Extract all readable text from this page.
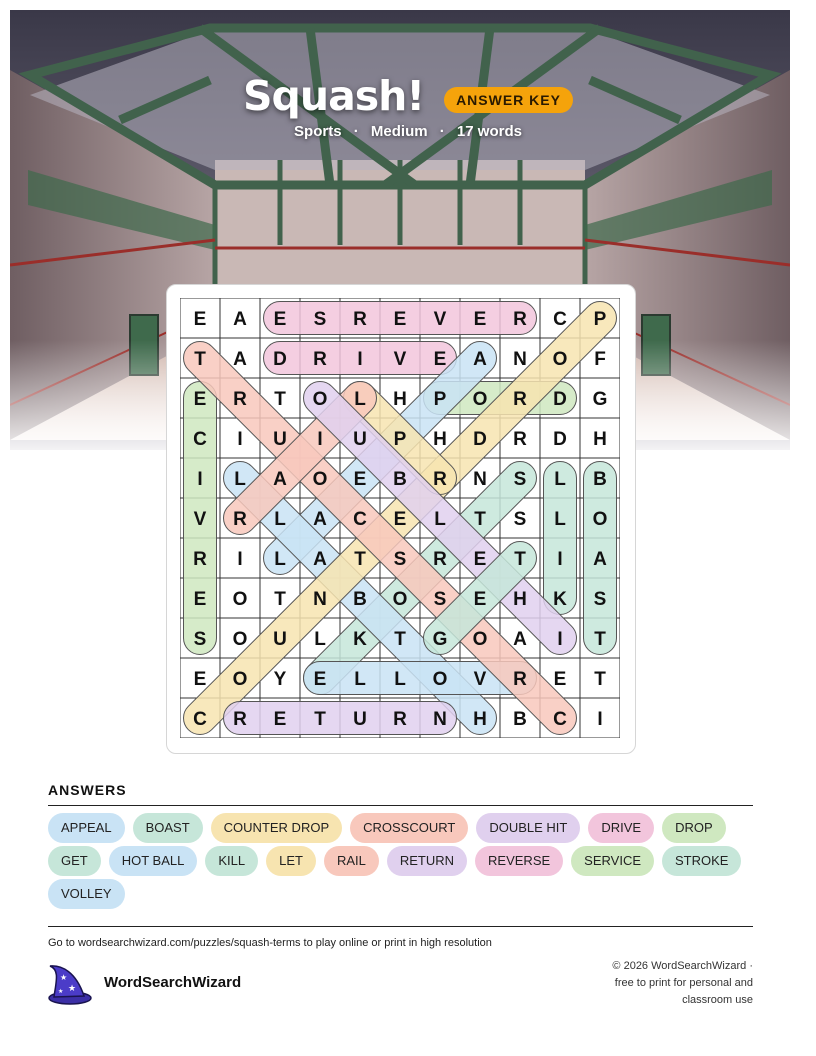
Squash! ANSWER KEY
Sports · Medium · 17 words
E A E S R E V E R C P
T A D R I V E A N O F
E R T O L H P O R D G
C I U I U P H D R D H
I L A O E B R N S L B
V R L A C E L T S L O
R I L A T S R E T I A
E O T N B O S E H K S
S O U L K T G O A I T
E O Y E L L O V R E T
C R E T U R N H B C I
ANSWERS
APPEAL	BOAST	COUNTER DROP	CROSSCOURT	DOUBLE HIT	DRIVE	DROPGET	HOT BALL	KILL	LET	RAIL	RETURN	REVERSE	SERVICE	STROKEVOLLEY
Go to wordsearchwizard.com/puzzles/squash-terms to play online or print in high resolution
★
★
★
WordSearchWizard
© 2026 WordSearchWizard ·
free to print for personal and
classroom use
